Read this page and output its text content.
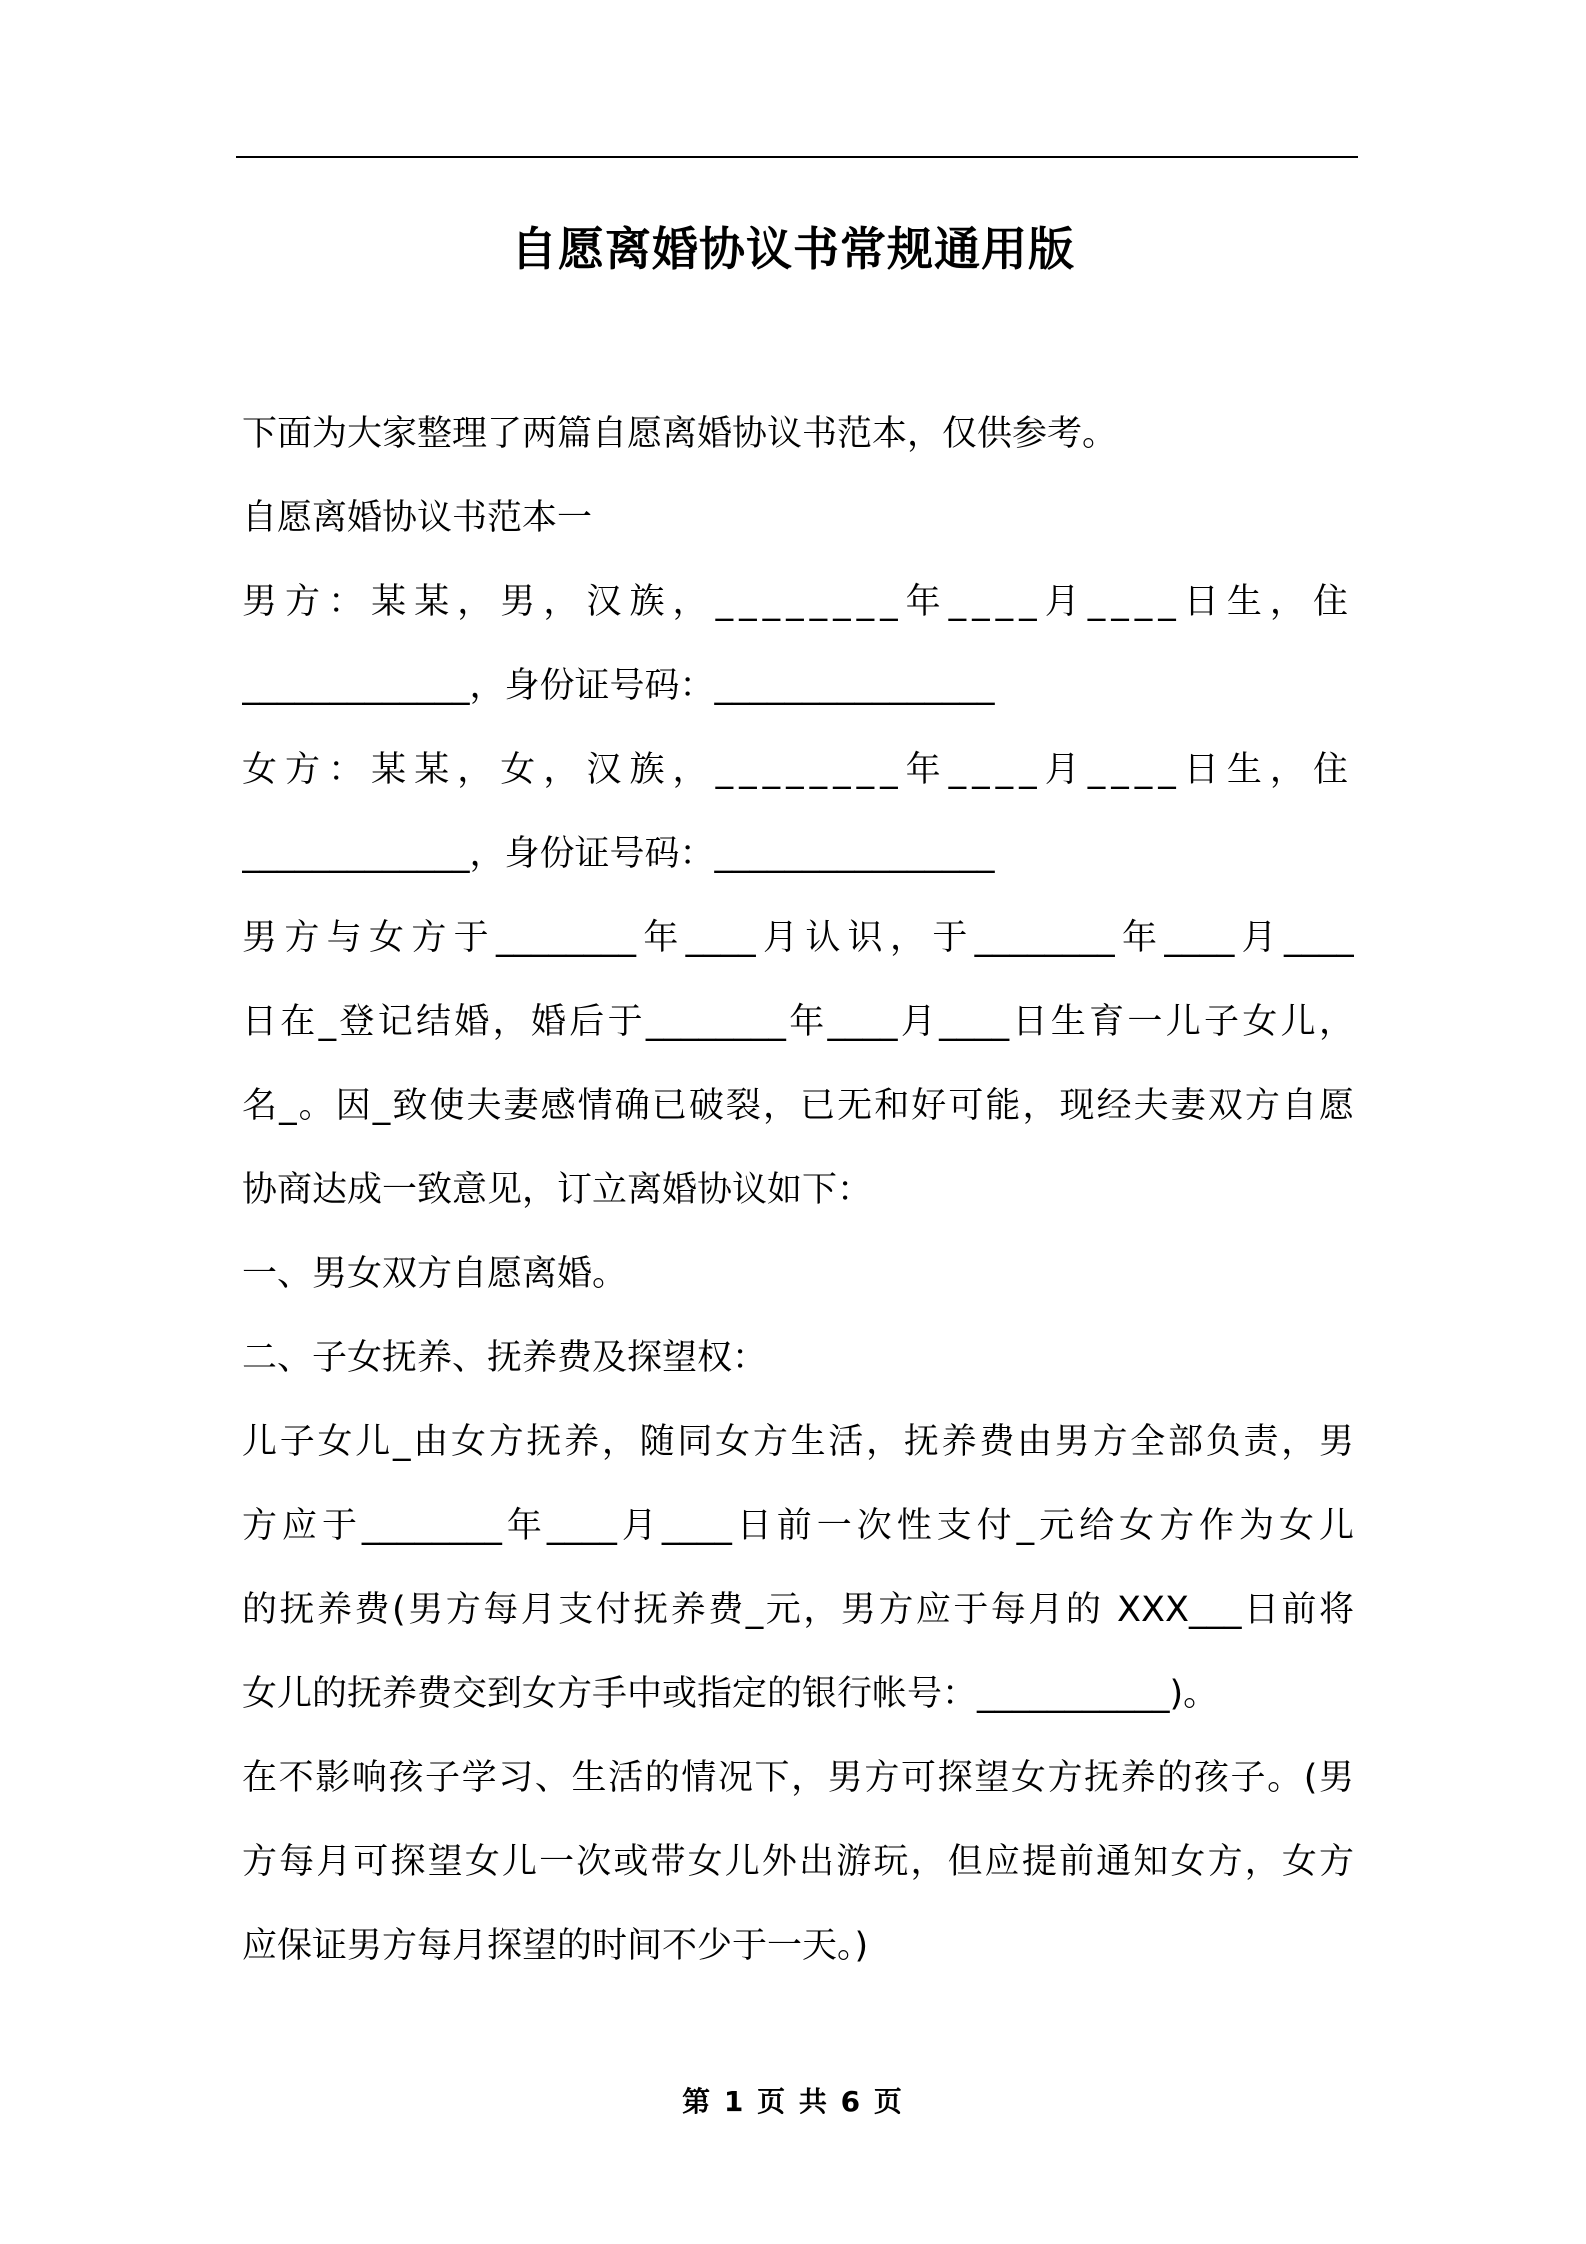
自愿离婚协议书常规通用版
下面为大家整理了两篇自愿离婚协议书范本，仅供参考。
自愿离婚协议书范本一
男方：某某，男，汉族，________年____月____日生，住
_____________，身份证号码：________________
女方：某某，女，汉族，________年____月____日生，住
_____________，身份证号码：________________
男方与女方于________年____月认识，于________年____月____
日在_登记结婚，婚后于________年____月____日生育一儿子女儿，
名_。因_致使夫妻感情确已破裂，已无和好可能，现经夫妻双方自愿
协商达成一致意见，订立离婚协议如下：
一、男女双方自愿离婚。
二、子女抚养、抚养费及探望权：
儿子女儿_由女方抚养，随同女方生活，抚养费由男方全部负责，男
方应于________年____月____日前一次性支付_元给女方作为女儿
的抚养费(男方每月支付抚养费_元，男方应于每月的 XXX___日前将
女儿的抚养费交到女方手中或指定的银行帐号：___________)。
在不影响孩子学习、生活的情况下，男方可探望女方抚养的孩子。(男
方每月可探望女儿一次或带女儿外出游玩，但应提前通知女方，女方
应保证男方每月探望的时间不少于一天。)
第 1 页 共 6 页
